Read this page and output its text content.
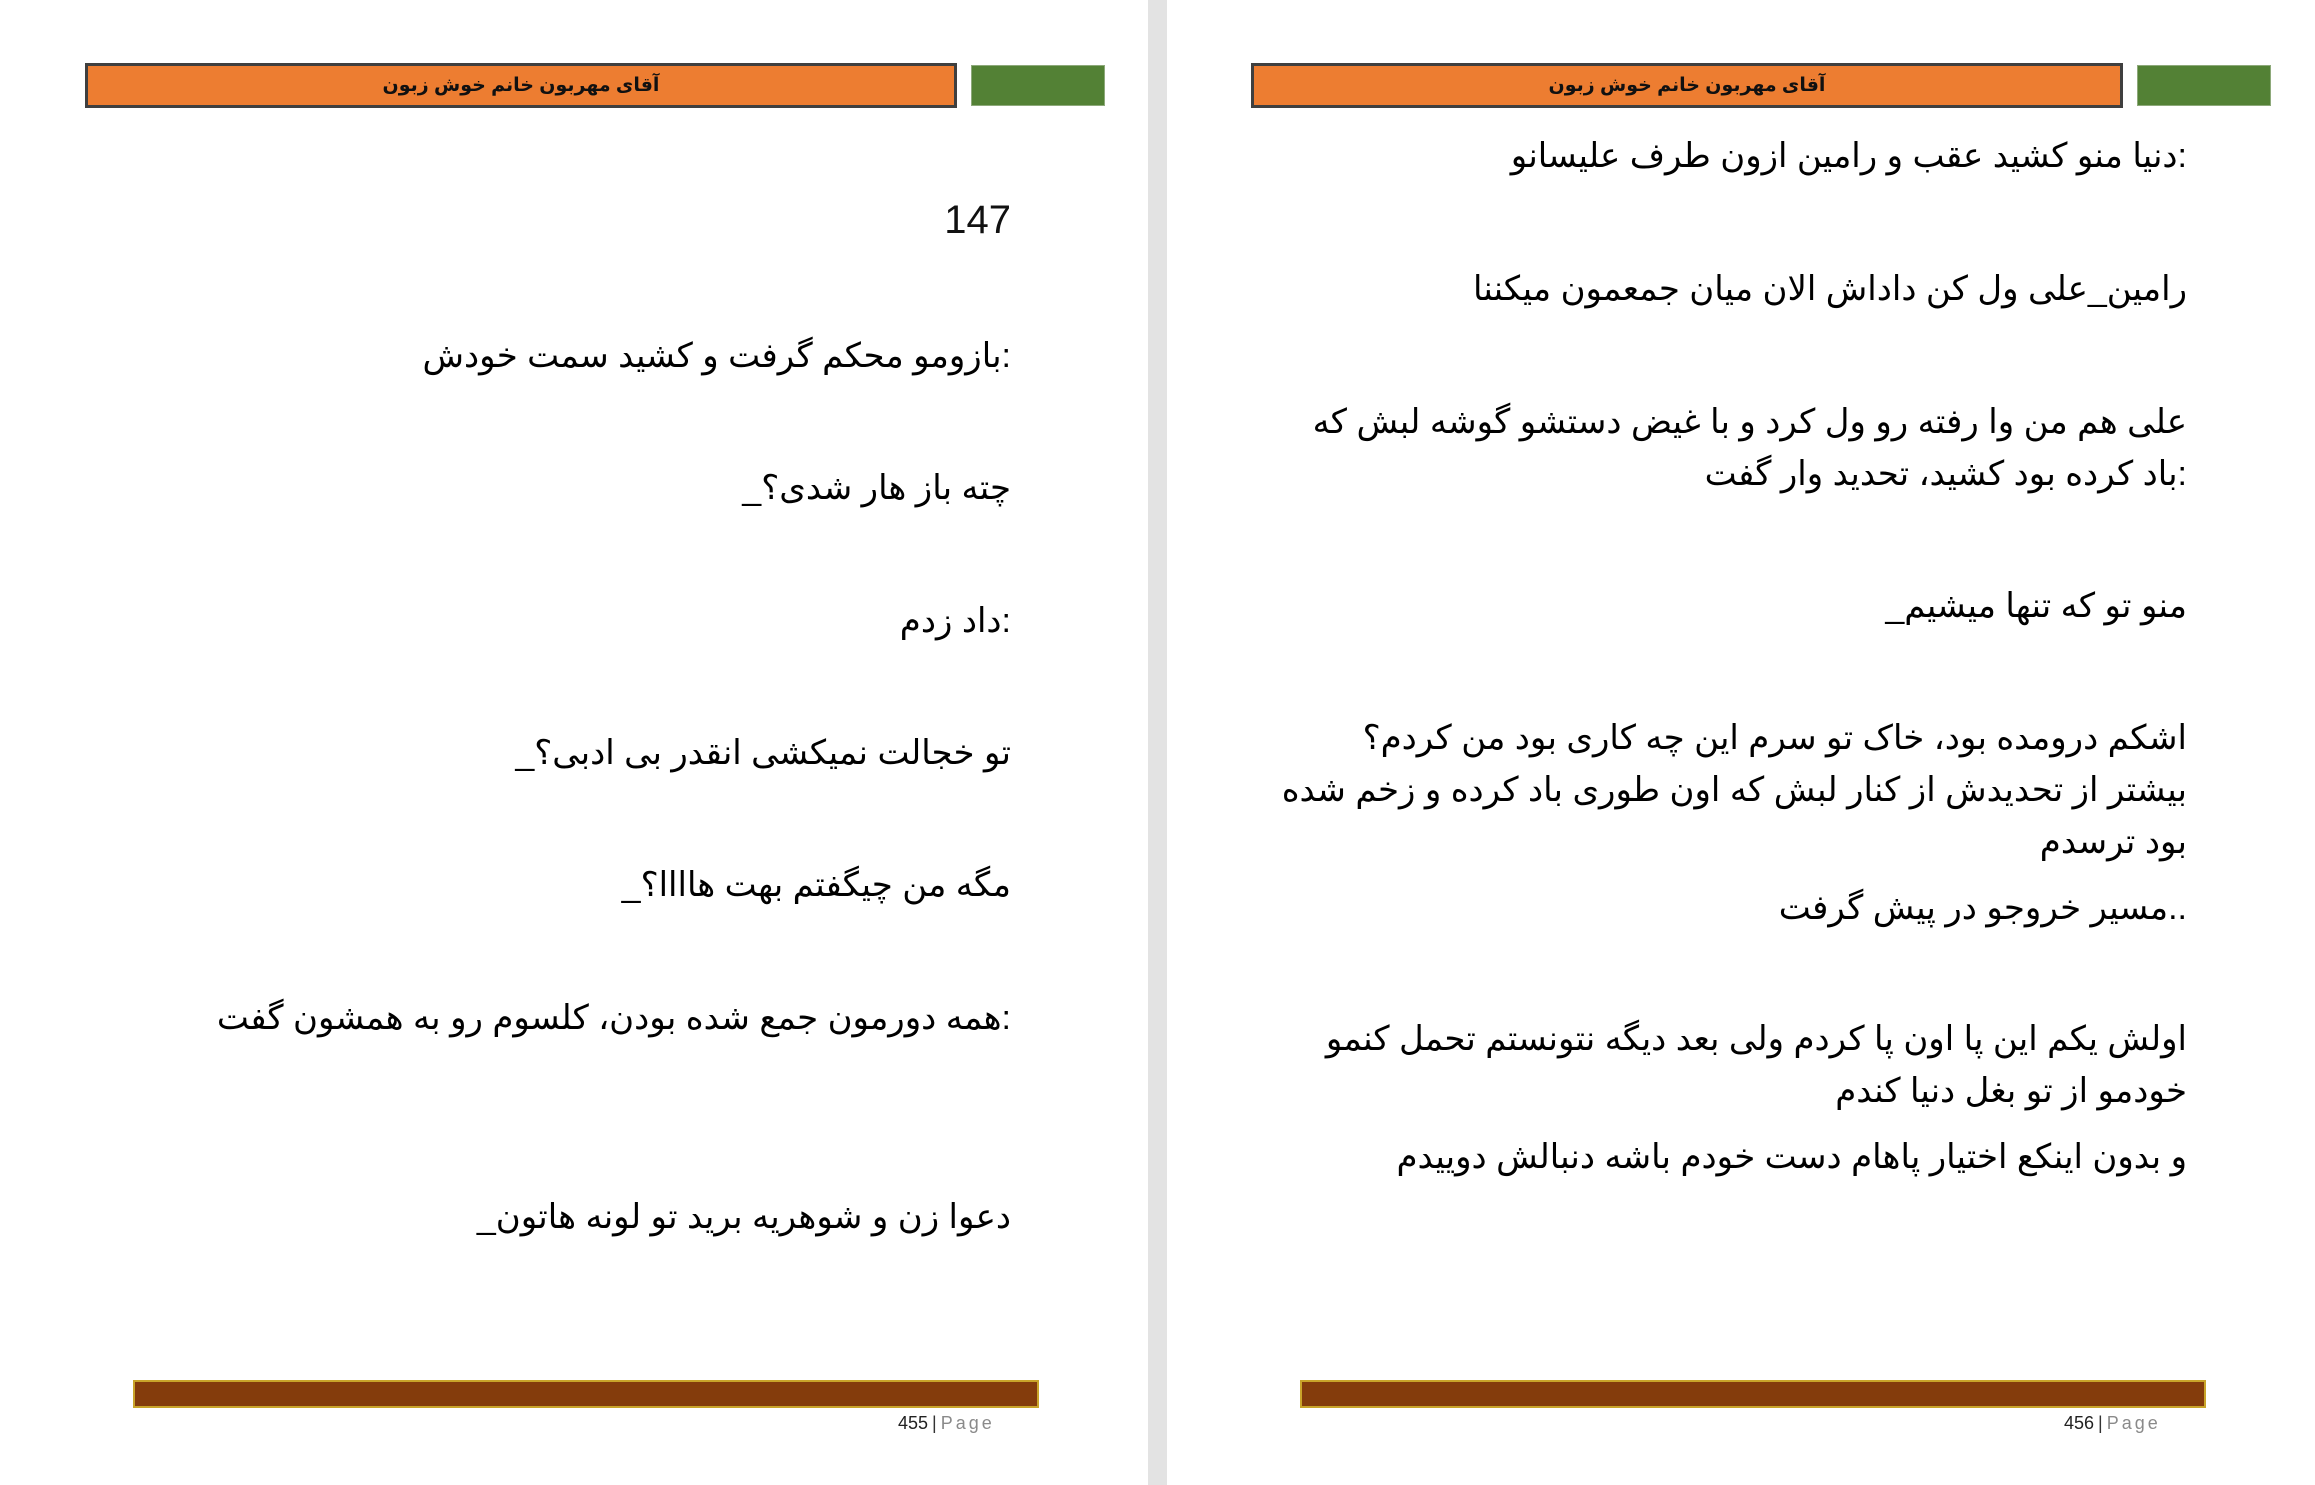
آقای مهربون خانم خوش زبون
147
:بازومو محکم گرفت و کشید سمت خودش
چته باز هار شدی؟_
:داد زدم
تو خجالت نمیکشی انقدر بی ادبی؟_
مگه من چیگفتم بهت هاااا؟_
:همه دورمون جمع شده بودن، کلسوم رو به همشون گفت
دعوا زن و شوهریه برید تو لونه هاتون_
455 | Page
آقای مهربون خانم خوش زبون
:دنیا منو کشید عقب و رامین ازون طرف علیسانو
رامین_علی ول کن داداش الان میان جمعمون میکننا
علی هم من وا رفته رو ول کرد و با غیض دستشو گوشه لبش که
:باد کرده بود کشید، تحدید وار گفت
منو تو که تنها میشیم_
اشکم درومده بود، خاک تو سرم این چه کاری بود من کردم؟
بیشتر از تحدیدش از کنار لبش که اون طوری باد کرده و زخم شده
بود ترسدم
..مسیر خروجو در پیش گرفت
اولش یکم این پا اون پا کردم ولی بعد دیگه نتونستم تحمل کنمو
خودمو از تو بغل دنیا کندم
و بدون اینکع اختیار پاهام دست خودم باشه دنبالش دوییدم
456 | Page
